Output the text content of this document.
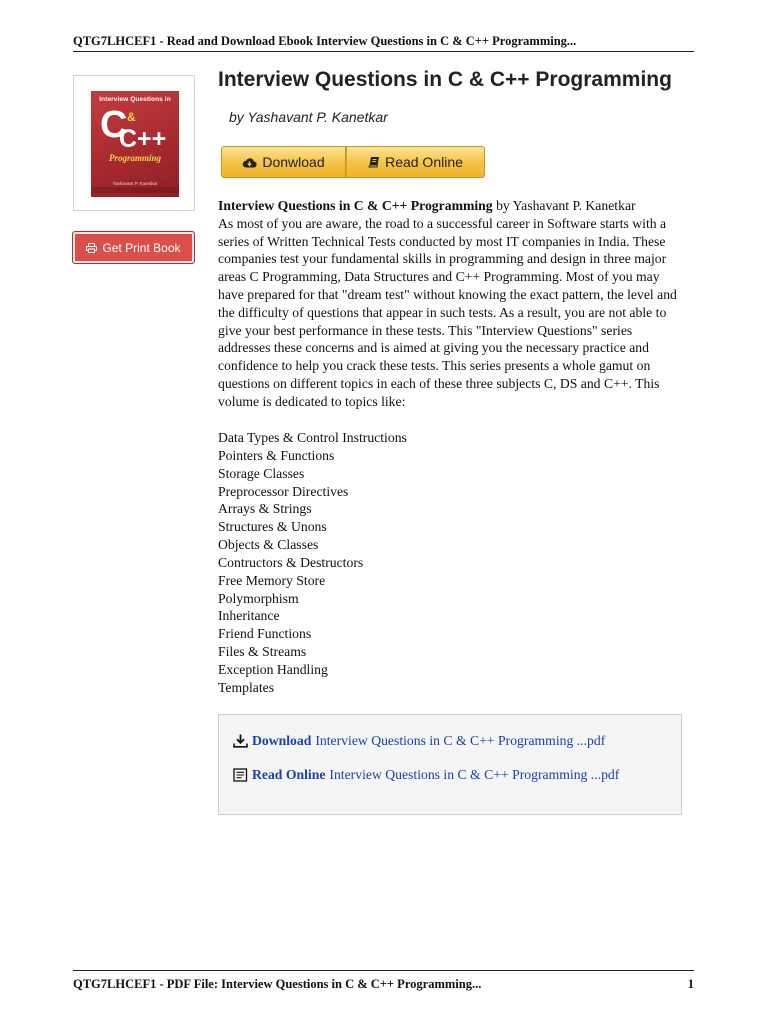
QTG7LHCEF1 - Read and Download Ebook Interview Questions in C & C++ Programming...
Interview Questions in
C &
C++
Programming
Yashavant P. Kanetkar
Get Print Book
Interview Questions in C & C++ Programming
by Yashavant P. Kanetkar
Donwload	Read Online

Interview Questions in C & C++ Programming by Yashavant P. Kanetkar

As most of you are aware, the road to a successful career in Software starts with a series of Written Technical Tests conducted by most IT companies in India. These companies test your fundamental skills in programming and design in three major areas C Programming, Data Structures and C++ Programming. Most of you may have prepared for that "dream test" without knowing the exact pattern, the level and the difficulty of questions that appear in such tests. As a result, you are not able to give your best performance in these tests. This "Interview Questions" series addresses these concerns and is aimed at giving you the necessary practice and confidence to help you crack these tests. This series presents a whole gamut on questions on different topics in each of these three subjects C, DS and C++. This volume is dedicated to topics like:

Data Types & Control Instructions
Pointers & Functions
Storage Classes
Preprocessor Directives
Arrays & Strings
Structures & Unons
Objects & Classes
Contructors & Destructors
Free Memory Store
Polymorphism
Inheritance
Friend Functions
Files & Streams
Exception Handling
Templates
Download Interview Questions in C & C++ Programming ...pdf
Read Online Interview Questions in C & C++ Programming ...pdf
QTG7LHCEF1 - PDF File: Interview Questions in C & C++ Programming...	1
